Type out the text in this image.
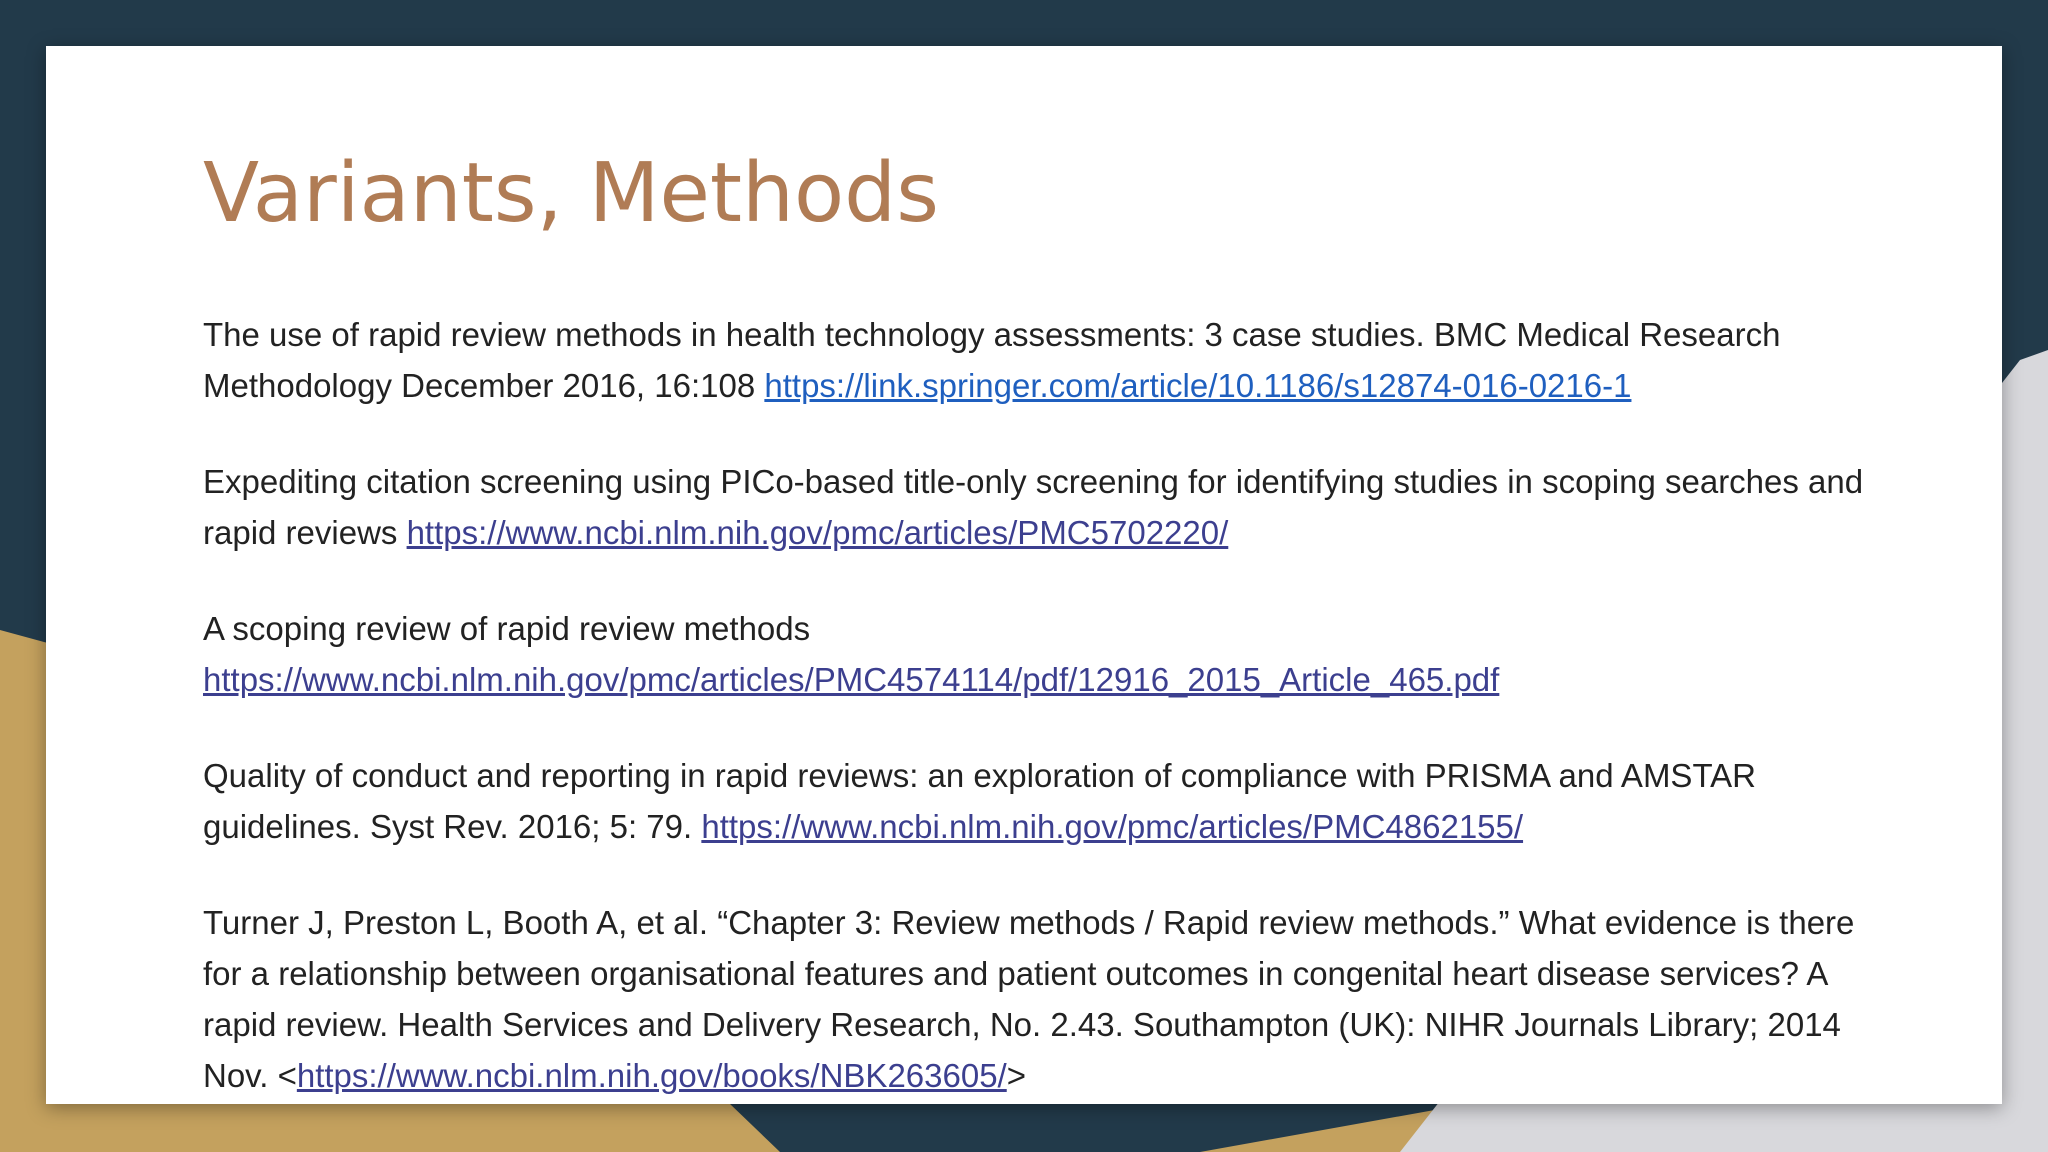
Variants, Methods
The use of rapid review methods in health technology assessments: 3 case studies. BMC Medical Research Methodology December 2016, 16:108 https://link.springer.com/article/10.1186/s12874-016-0216-1
Expediting citation screening using PICo-based title-only screening for identifying studies in scoping searches and rapid reviews https://www.ncbi.nlm.nih.gov/pmc/articles/PMC5702220/
A scoping review of rapid review methods
https://www.ncbi.nlm.nih.gov/pmc/articles/PMC4574114/pdf/12916_2015_Article_465.pdf
Quality of conduct and reporting in rapid reviews: an exploration of compliance with PRISMA and AMSTAR guidelines. Syst Rev. 2016; 5: 79. https://www.ncbi.nlm.nih.gov/pmc/articles/PMC4862155/
Turner J, Preston L, Booth A, et al. “Chapter 3: Review methods / Rapid review methods.” What evidence is there for a relationship between organisational features and patient outcomes in congenital heart disease services? A rapid review. Health Services and Delivery Research, No. 2.43. Southampton (UK): NIHR Journals Library; 2014 Nov. <https://www.ncbi.nlm.nih.gov/books/NBK263605/>
